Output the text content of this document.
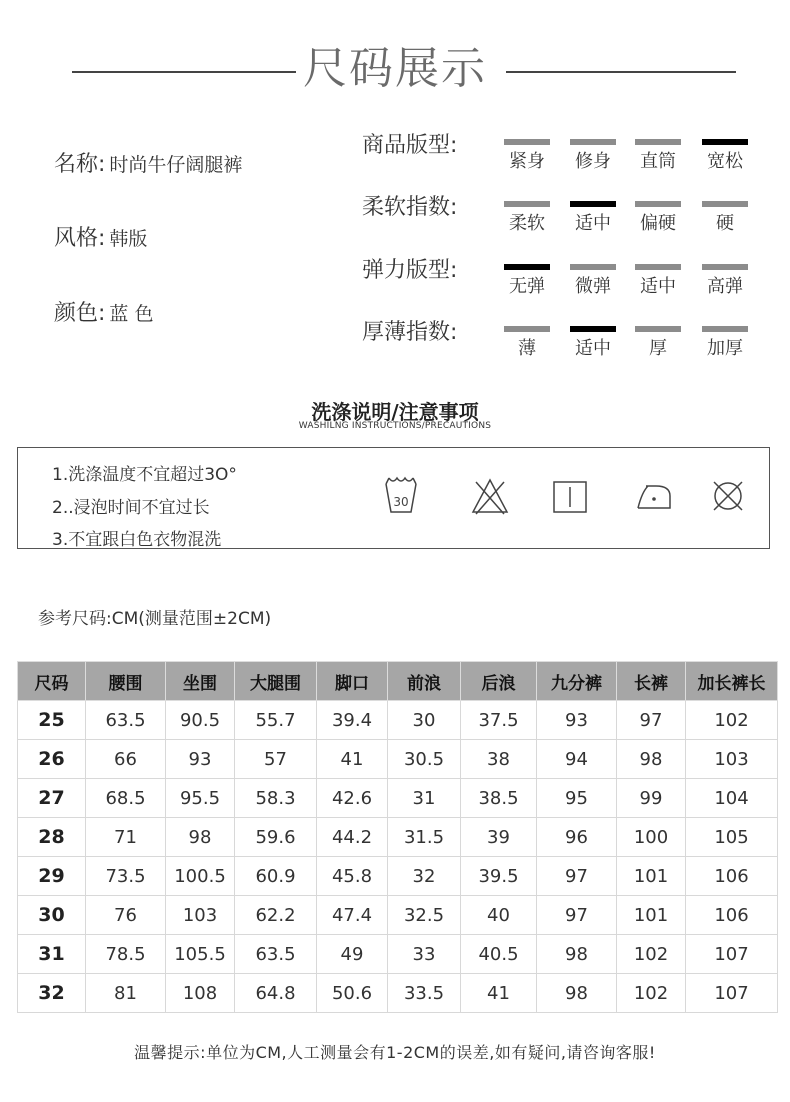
尺码展示
名称: 时尚牛仔阔腿裤
风格: 韩版
颜色: 蓝 色
商品版型:
紧身 修身 直筒 宽松
柔软指数:
柔软 适中 偏硬	硬
弹力版型:
无弹 微弹 适中 高弹
厚薄指数:
薄	适中	厚	加厚
洗涤说明/注意事项
WASHILNG INSTRUCTIONS/PRECAUTIONS
1.洗涤温度不宜超过3O°
2..浸泡时间不宜过长
3.不宜跟白色衣物混洗
30
参考尺码:CM(测量范围±2CM)
尺码	腰围	坐围	大腿围	脚口	前浪	后浪	九分裤	长裤	加长裤长
25	63.5	90.5	55.7	39.4	30	37.5	93	97	102
26	66	93	57	41	30.5	38	94	98	103
27	68.5	95.5	58.3	42.6	31	38.5	95	99	104
28	71	98	59.6	44.2	31.5	39	96	100	105
29	73.5	100.5	60.9	45.8	32	39.5	97	101	106
30	76	103	62.2	47.4	32.5	40	97	101	106
31	78.5	105.5	63.5	49	33	40.5	98	102	107
32	81	108	64.8	50.6	33.5	41	98	102	107
温馨提示:单位为CM,人工测量会有1-2CM的误差,如有疑问,请咨询客服!
